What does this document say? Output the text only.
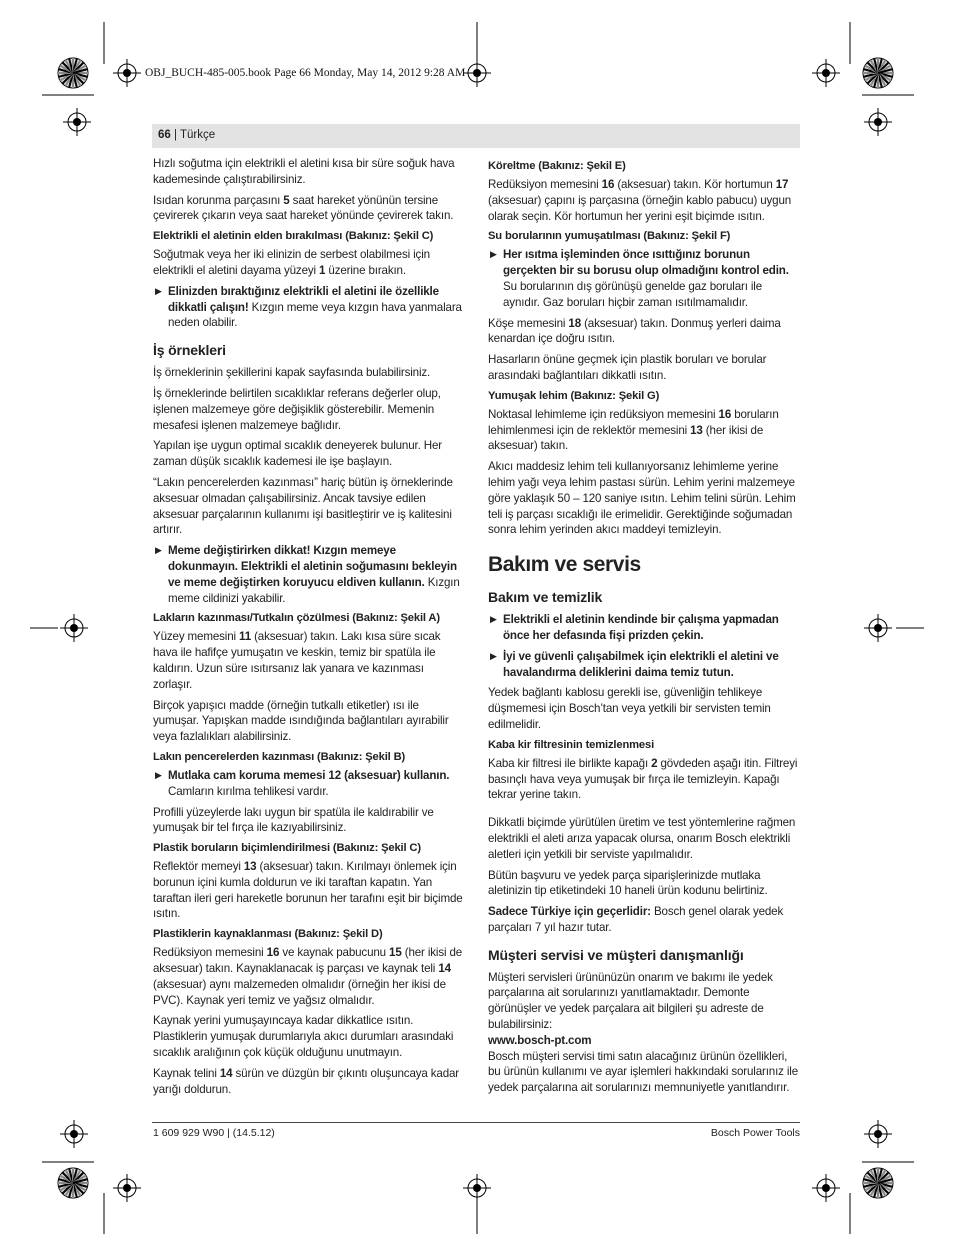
OBJ_BUCH-485-005.book Page 66 Monday, May 14, 2012 9:28 AM
66 | Türkçe

Hızlı soğutma için elektrikli el aletini kısa bir süre soğuk hava kademesinde çalıştırabilirsiniz.

Isıdan korunma parçasını 5 saat hareket yönünün tersine çevirerek çıkarın veya saat hareket yönünde çevirerek takın.

Elektrikli el aletinin elden bırakılması (Bakınız: Şekil C)

Soğutmak veya her iki elinizin de serbest olabilmesi için elektrikli el aletini dayama yüzeyi 1 üzerine bırakın.

▶ Elinizden bıraktığınız elektrikli el aletini ile özellikle dikkatli çalışın! Kızgın meme veya kızgın hava yanmalara neden olabilir.
İş örnekleri

İş örneklerinin şekillerini kapak sayfasında bulabilirsiniz.

İş örneklerinde belirtilen sıcaklıklar referans değerler olup, işlenen malzemeye göre değişiklik gösterebilir. Memenin mesafesi işlenen malzemeye bağlıdır.

Yapılan işe uygun optimal sıcaklık deneyerek bulunur. Her zaman düşük sıcaklık kademesi ile işe başlayın.

“Lakın pencerelerden kazınması” hariç bütün iş örneklerinde aksesuar olmadan çalışabilirsiniz. Ancak tavsiye edilen aksesuar parçalarının kullanımı işi basitleştirir ve iş kalitesini artırır.

▶ Meme değiştirirken dikkat! Kızgın memeye dokunmayın. Elektrikli el aletinin soğumasını bekleyin ve meme değiştirken koruyucu eldiven kullanın. Kızgın meme cildinizi yakabilir.
Lakların kazınması/Tutkalın çözülmesi (Bakınız: Şekil A)

Yüzey memesini 11 (aksesuar) takın. Lakı kısa süre sıcak hava ile hafifçe yumuşatın ve keskin, temiz bir spatüla ile kaldırın. Uzun süre ısıtırsanız lak yanara ve kazınması zorlaşır.

Birçok yapışıcı madde (örneğin tutkallı etiketler) ısı ile yumuşar. Yapışkan madde ısındığında bağlantıları ayırabilir veya fazlalıkları alabilirsiniz.

Lakın pencerelerden kazınması (Bakınız: Şekil B)
▶ Mutlaka cam koruma memesi 12 (aksesuar) kullanın. Camların kırılma tehlikesi vardır.

Profilli yüzeylerde lakı uygun bir spatüla ile kaldırabilir ve yumuşak bir tel fırça ile kazıyabilirsiniz.

Plastik boruların biçimlendirilmesi (Bakınız: Şekil C)

Reflektör memeyi 13 (aksesuar) takın. Kırılmayı önlemek için borunun içini kumla doldurun ve iki taraftan kapatın. Yan taraftan ileri geri hareketle borunun her tarafını eşit bir biçimde ısıtın.

Plastiklerin kaynaklanması (Bakınız: Şekil D)

Redüksiyon memesini 16 ve kaynak pabucunu 15 (her ikisi de aksesuar) takın. Kaynaklanacak iş parçası ve kaynak teli 14 (aksesuar) aynı malzemeden olmalıdır (örneğin her ikisi de PVC). Kaynak yeri temiz ve yağsız olmalıdır.

Kaynak yerini yumuşayıncaya kadar dikkatlice ısıtın. Plastiklerin yumuşak durumlarıyla akıcı durumları arasındaki sıcaklık aralığının çok küçük olduğunu unutmayın.

Kaynak telini 14 sürün ve düzgün bir çıkıntı oluşuncaya kadar yarığı doldurun.

Köreltme (Bakınız: Şekil E)

Redüksiyon memesini 16 (aksesuar) takın. Kör hortumun 17 (aksesuar) çapını iş parçasına (örneğin kablo pabucu) uygun olarak seçin. Kör hortumun her yerini eşit biçimde ısıtın.

Su borularının yumuşatılması (Bakınız: Şekil F)
▶ Her ısıtma işleminden önce ısıttığınız borunun gerçekten bir su borusu olup olmadığını kontrol edin. Su borularının dış görünüşü genelde gaz boruları ile aynıdır. Gaz boruları hiçbir zaman ısıtılmamalıdır.

Köşe memesini 18 (aksesuar) takın. Donmuş yerleri daima kenardan içe doğru ısıtın.

Hasarların önüne geçmek için plastik boruları ve borular arasındaki bağlantıları dikkatli ısıtın.

Yumuşak lehim (Bakınız: Şekil G)

Noktasal lehimleme için redüksiyon memesini 16 boruların lehimlenmesi için de reklektör memesini 13 (her ikisi de aksesuar) takın.

Akıcı maddesiz lehim teli kullanıyorsanız lehimleme yerine lehim yağı veya lehim pastası sürün. Lehim yerini malzemeye göre yaklaşık 50 – 120 saniye ısıtın. Lehim telini sürün. Lehim teli iş parçası sıcaklığı ile erimelidir. Gerektiğinde soğumadan sonra lehim yerinden akıcı maddeyi temizleyin.

Bakım ve servis
Bakım ve temizlik
▶ Elektrikli el aletinin kendinde bir çalışma yapmadan önce her defasında fişi prizden çekin.
▶ İyi ve güvenli çalışabilmek için elektrikli el aletini ve havalandırma deliklerini daima temiz tutun.

Yedek bağlantı kablosu gerekli ise, güvenliğin tehlikeye düşmemesi için Bosch’tan veya yetkili bir servisten temin edilmelidir.

Kaba kir filtresinin temizlenmesi

Kaba kir filtresi ile birlikte kapağı 2 gövdeden aşağı itin. Filtreyi basınçlı hava veya yumuşak bir fırça ile temizleyin. Kapağı tekrar yerine takın.

Dikkatli biçimde yürütülen üretim ve test yöntemlerine rağmen elektrikli el aleti arıza yapacak olursa, onarım Bosch elektrikli aletleri için yetkili bir serviste yapılmalıdır.

Bütün başvuru ve yedek parça siparişlerinizde mutlaka aletinizin tip etiketindeki 10 haneli ürün kodunu belirtiniz.

Sadece Türkiye için geçerlidir: Bosch genel olarak yedek parçaları 7 yıl hazır tutar.

Müşteri servisi ve müşteri danışmanlığı

Müşteri servisleri ürününüzün onarım ve bakımı ile yedek parçalarına ait sorularınızı yanıtlamaktadır. Demonte görünüşler ve yedek parçalara ait bilgileri şu adreste de bulabilirsiniz:

www.bosch-pt.com

Bosch müşteri servisi timi satın alacağınız ürünün özellikleri, bu ürünün kullanımı ve ayar işlemleri hakkındaki sorularınız ile yedek parçalarına ait sorularınızı memnuniyetle yanıtlandırır.

1 609 929 W90 | (14.5.12)	Bosch Power Tools
